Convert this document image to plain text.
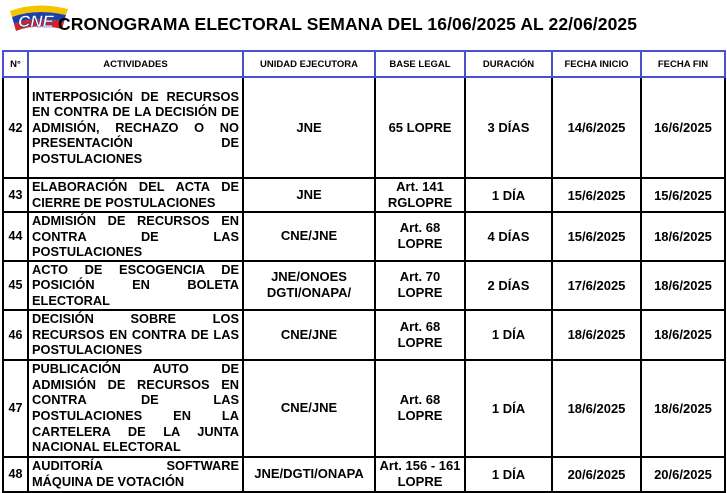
CNE CRONOGRAMA ELECTORAL SEMANA DEL 16/06/2025 AL 22/06/2025
N°	ACTIVIDADES	UNIDAD EJECUTORA	BASE LEGAL	DURACIÓN	FECHA INICIO	FECHA FIN
42	INTERPOSICIÓN DE RECURSOS EN CONTRA DE LA DECISIÓN DE ADMISIÓN, RECHAZO O NO PRESENTACIÓN DE POSTULACIONES	JNE	65 LOPRE	3 DÍAS	14/6/2025	16/6/2025
43	ELABORACIÓN DEL ACTA DE CIERRE DE POSTULACIONES	JNE	Art. 141 RGLOPRE	1 DÍA	15/6/2025	15/6/2025
44	ADMISIÓN DE RECURSOS EN CONTRA DE LAS POSTULACIONES	CNE/JNE	Art. 68 LOPRE	4 DÍAS	15/6/2025	18/6/2025
45	ACTO DE ESCOGENCIA DE POSICIÓN EN BOLETA ELECTORAL	JNE/ONOES DGTI/ONAPA/	Art. 70 LOPRE	2 DÍAS	17/6/2025	18/6/2025
46	DECISIÓN SOBRE LOS RECURSOS EN CONTRA DE LAS POSTULACIONES	CNE/JNE	Art. 68 LOPRE	1 DÍA	18/6/2025	18/6/2025
47	PUBLICACIÓN AUTO DE ADMISIÓN DE RECURSOS EN CONTRA DE LAS POSTULACIONES EN LA CARTELERA DE LA JUNTA NACIONAL ELECTORAL	CNE/JNE	Art. 68 LOPRE	1 DÍA	18/6/2025	18/6/2025
48	AUDITORÍA SOFTWARE MÁQUINA DE VOTACIÓN	JNE/DGTI/ONAPA	Art. 156 - 161 LOPRE	1 DÍA	20/6/2025	20/6/2025
